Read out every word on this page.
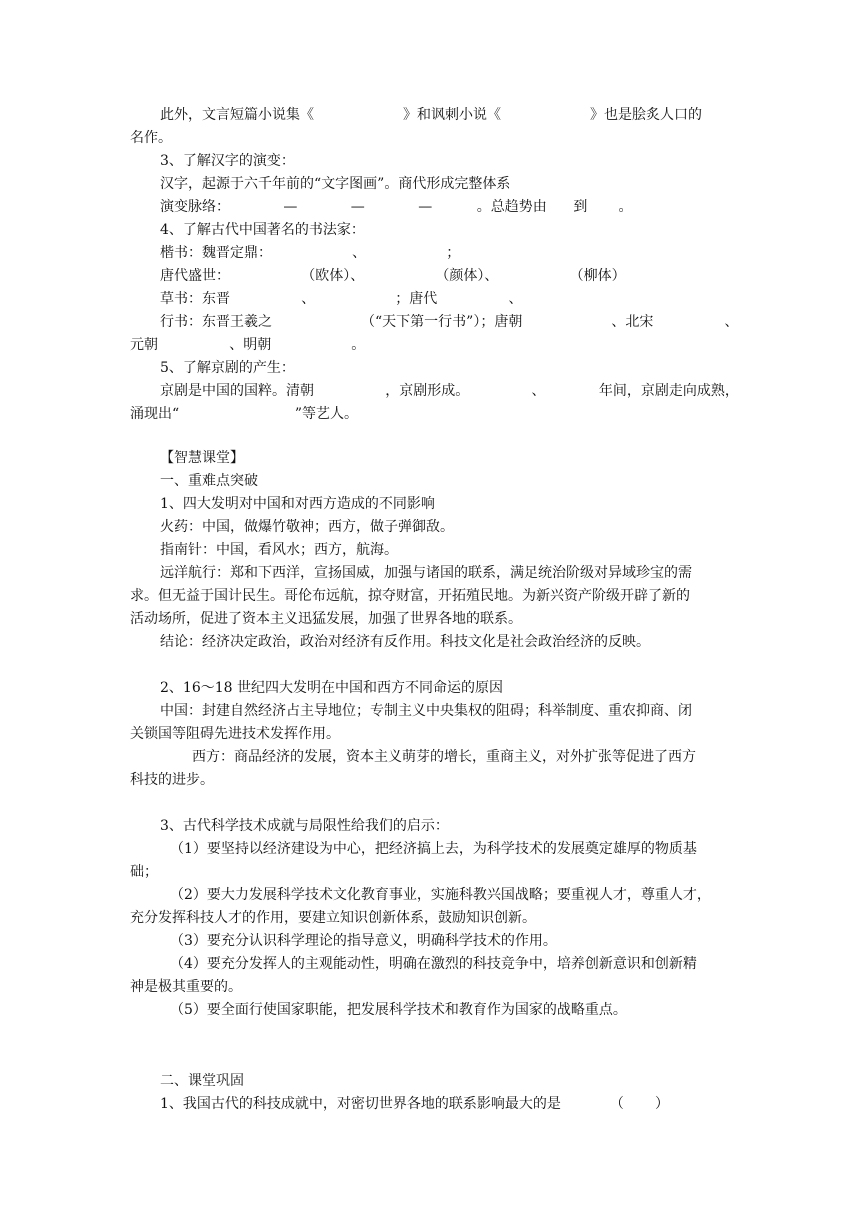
此外，文言短篇小说集《                    》和讽刺小说《                    》也是脍炙人口的
名作。
3、了解汉字的演变：
汉字，起源于六千年前的“文字图画”。商代形成完整体系
演变脉络：            —            —            —          。总趋势由      到       。
4、了解古代中国著名的书法家：
楷书：魏晋定鼎：                  、                  ；
唐代盛世：                （欧体）、                （颜体）、                （柳体）
草书：东晋                、                  ；唐代                、
行书：东晋王羲之                    （“天下第一行书”）；唐朝                    、北宋                、
元朝                、明朝                  。
5、了解京剧的产生：
京剧是中国的国粹。清朝                ，京剧形成。              、            年间，京剧走向成熟，
涌现出“                          ”等艺人。
【智慧课堂】
一、重难点突破
1、四大发明对中国和对西方造成的不同影响
火药：中国，做爆竹敬神；西方，做子弹御敌。
指南针：中国，看风水；西方，航海。
远洋航行：郑和下西洋，宣扬国威，加强与诸国的联系，满足统治阶级对异域珍宝的需
求。但无益于国计民生。哥伦布远航，掠夺财富，开拓殖民地。为新兴资产阶级开辟了新的
活动场所，促进了资本主义迅猛发展，加强了世界各地的联系。
结论：经济决定政治，政治对经济有反作用。科技文化是社会政治经济的反映。
2、16～18 世纪四大发明在中国和西方不同命运的原因
中国：封建自然经济占主导地位；专制主义中央集权的阻碍；科举制度、重农抑商、闭
关锁国等阻碍先进技术发挥作用。
西方：商品经济的发展，资本主义萌芽的增长，重商主义，对外扩张等促进了西方
科技的进步。
3、古代科学技术成就与局限性给我们的启示：
（1）要坚持以经济建设为中心，把经济搞上去，为科学技术的发展奠定雄厚的物质基
础；
（2）要大力发展科学技术文化教育事业，实施科教兴国战略；要重视人才，尊重人才，
充分发挥科技人才的作用，要建立知识创新体系，鼓励知识创新。
（3）要充分认识科学理论的指导意义，明确科学技术的作用。
（4）要充分发挥人的主观能动性，明确在激烈的科技竞争中，培养创新意识和创新精
神是极其重要的。
（5）要全面行使国家职能，把发展科学技术和教育作为国家的战略重点。
二、课堂巩固
1、我国古代的科技成就中，对密切世界各地的联系影响最大的是           （       ）
